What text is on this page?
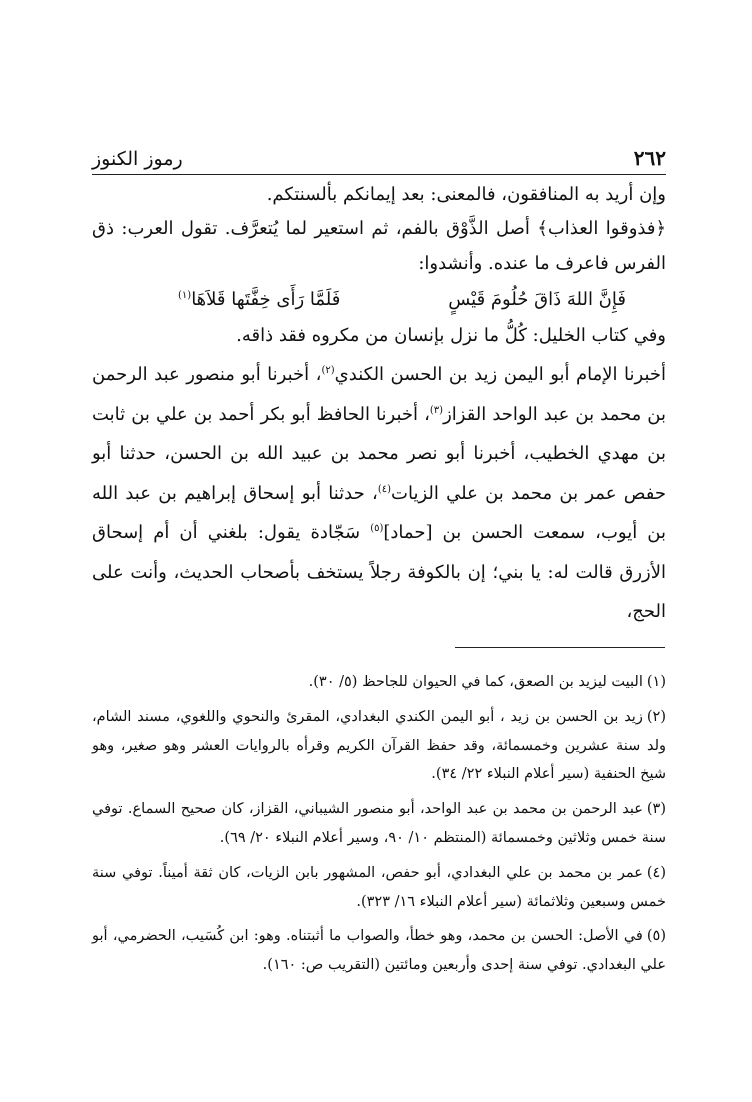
رموز الكنوز	٢٦٢

وإن أريد به المنافقون، فالمعنى: بعد إيمانكم بألسنتكم.

﴿فذوقوا العذاب﴾ أصل الذَّوْق بالفم، ثم استعير لما يُتعرَّف. تقول العرب: ذق الفرس فاعرف ما عنده. وأنشدوا:

فَإِنَّ اللهَ ذَاقَ حُلُومَ قَيْسٍ
فَلَمَّا رَأَى خِفَّتَها قَلاَهَا$^{(١)}$

وفي كتاب الخليل: كُلُّ ما نزل بإنسان من مكروه فقد ذاقه.

أخبرنا الإمام أبو اليمن زيد بن الحسن الكندي$^{(٢)}$، أخبرنا أبو منصور عبد الرحمن بن محمد بن عبد الواحد القزاز$^{(٣)}$، أخبرنا الحافظ أبو بكر أحمد بن علي بن ثابت بن مهدي الخطيب، أخبرنا أبو نصر محمد بن عبيد الله بن الحسن، حدثنا أبو حفص عمر بن محمد بن علي الزيات$^{(٤)}$، حدثنا أبو إسحاق إبراهيم بن عبد الله بن أيوب، سمعت الحسن بن [حماد]$^{(٥)}$ سَجّادة يقول: بلغني أن أم إسحاق الأزرق قالت له: يا بني؛ إن بالكوفة رجلاً يستخف بأصحاب الحديث، وأنت على الحج،

(١)البيت ليزيد بن الصعق، كما في الحيوان للجاحظ (٥/ ٣٠).

(٢)زيد بن الحسن بن زيد ، أبو اليمن الكندي البغدادي، المقرئ والنحوي واللغوي، مسند الشام، ولد سنة عشرين وخمسمائة، وقد حفظ القرآن الكريم وقرأه بالروايات العشر وهو صغير، وهو شيخ الحنفية (سير أعلام النبلاء ٢٢/ ٣٤).

(٣)عبد الرحمن بن محمد بن عبد الواحد، أبو منصور الشيباني، القزاز، كان صحيح السماع. توفي سنة خمس وثلاثين وخمسمائة (المنتظم ١٠/ ٩٠، وسير أعلام النبلاء ٢٠/ ٦٩).

(٤)عمر بن محمد بن علي البغدادي، أبو حفص، المشهور بابن الزيات، كان ثقة أميناً. توفي سنة خمس وسبعين وثلاثمائة (سير أعلام النبلاء ١٦/ ٣٢٣).

(٥)في الأصل: الحسن بن محمد، وهو خطأ، والصواب ما أثبتناه. وهو: ابن كُسَيب، الحضرمي، أبو علي البغدادي. توفي سنة إحدى وأربعين ومائتين (التقريب ص: ١٦٠).
